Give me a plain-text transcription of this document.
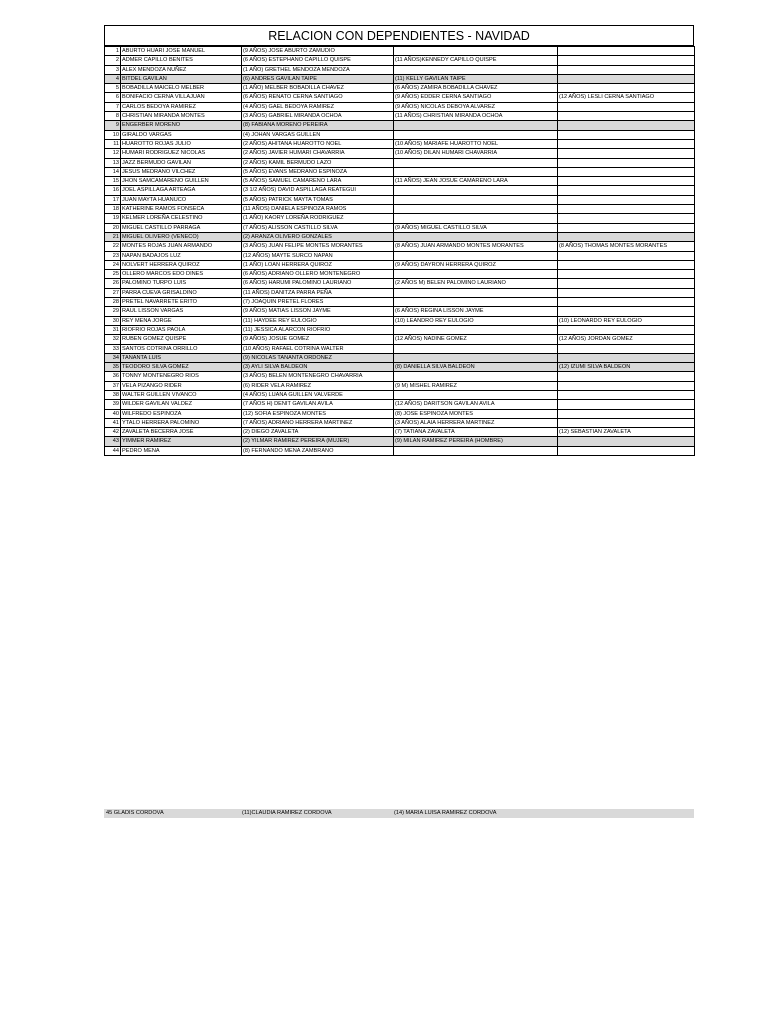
RELACION CON DEPENDIENTES - NAVIDAD
1	ABURTO HUARI JOSE MANUEL	(9 AÑOS) JOSE ABURTO ZAMUDIO		
2	ADMER CAPILLO BENITES	(6 AÑOS) ESTEPHANO CAPILLO QUISPE	(11 AÑOS)KENNEDY CAPILLO QUISPE	
3	ALEX MENDOZA NUÑEZ	(1 AÑO) GRETHEL MENDOZA MENDOZA		
4	BITDEL GAVILAN	(6) ANDRES GAVILAN TAIPE	(11) KELLY GAVILAN TAIPE	
5	BOBADILLA MAICELO MELBER	(1 AÑO) MELBER BOBADILLA CHAVEZ	(6 AÑOS) ZAMIRA BOBADILLA CHAVEZ	
6	BONIFACIO CERNA VILLAJUAN	(6 AÑOS) RENATO CERNA SANTIAGO	(9 AÑOS) EDDER CERNA SANTIAGO	(12 AÑOS) LESLI CERNA SANTIAGO
7	CARLOS BEDOYA RAMIREZ	(4 AÑOS) GAEL BEDOYA RAMIREZ	(9 AÑOS) NICOLAS DEBOYA ALVAREZ	
8	CHRISTIAN MIRANDA MONTES	(3 AÑOS) GABRIEL MIRANDA OCHOA	(11 AÑOS) CHRISTIAN MIRANDA OCHOA	
9	ENGERBER MORENO	(8) FABIANA MORENO PEREIRA		
10	GIRALDO VARGAS	(4) JOHAN VARGAS GUILLEN		
11	HUAROTTO ROJAS JULIO	(2 AÑOS) AHITANA HUAROTTO NOEL	(10 AÑOS) MARIAFE HUAROTTO NOEL	
12	HUMARI RODRIGUEZ NICOLAS	(2 AÑOS) JAVIER HUMARI CHAVARRIA	(10 AÑOS) DILAN HUMARI CHAVARRIA	
13	JAZZ BERMUDO GAVILAN	(2 AÑOS) KAMIL BERMUDO LAZO		
14	JESUS MEDRANO VILCHEZ	(5 AÑOS) EVANS MEDRANO ESPINOZA		
15	JHON SAMCAMARENO GUILLEN	(5 AÑOS) SAMUEL CAMARENO LARA	(11 AÑOS) JEAN JOSUE CAMARENO LARA	
16	JOEL ASPILLAGA ARTEAGA	(3 1/2 AÑOS) DAVID ASPILLAGA REATEGUI		
17	JUAN MAYTA HUANUCO	(5 AÑOS) PATRICK MAYTA TOMAS		
18	KATHERINE RAMOS FONSECA	(11 AÑOS) DANIELA ESPINOZA RAMOS		
19	KELMER LOREÑA CELESTINO	(1 AÑO) KAORY LOREÑA RODRIGUEZ		
20	MIGUEL CASTILLO PARRAGA	(7 AÑOS) ALISSON CASTILLO SILVA	(9 AÑOS) MIGUEL CASTILLO SILVA	
21	MIGUEL OLIVERO (VENECO)	(2) ARANZA OLIVERO GONZALES		
22	MONTES ROJAS JUAN ARMANDO	(3 AÑOS) JUAN FELIPE MONTES MORANTES	(8 AÑOS) JUAN ARMANDO MONTES MORANTES	(8 AÑOS) THOMAS MONTES MORANTES
23	NAPAN BADAJOS LUZ	(12 AÑOS) MAYTE SURCO NAPAN		
24	NOLVERT HERRERA QUIROZ	(1 AÑO) LOAN HERRERA QUIROZ	(9 AÑOS) DAYRON HERRERA QUIROZ	
25	OLLERO MARCOS EDO DINES	(6 AÑOS) ADRIANO OLLERO MONTENEGRO		
26	PALOMINO TURPO LUIS	(6 AÑOS) HARUMI PALOMINO LAURIANO	(2 AÑOS M) BELEN PALOMINO LAURIANO	
27	PARRA CUEVA GRISALDINO	(11 AÑOS) DANITZA PARRA PEÑA		
28	PRETEL NAVARRETE ERITO	(7) JOAQUIN PRETEL FLORES		
29	RAUL LISSON VARGAS	(9 AÑOS) MATIAS LISSON JAYME	(6 AÑOS) REGINA LISSON JAYME	
30	REY MENA JORGE	(11) HAYDEE REY EULOGIO	(10) LEANDRO REY EULOGIO	(10) LEONARDO REY EULOGIO
31	RIOFRIO ROJAS PAOLA	(11) JESSICA ALARCON RIOFRIO		
32	RUBEN GOMEZ QUISPE	(9 AÑOS) JOSUE GOMEZ	(12 AÑOS) NADINE GOMEZ	(12 AÑOS) JORDAN GOMEZ
33	SANTOS COTRINA ORRILLO	(10 AÑOS) RAFAEL COTRINA WALTER		
34	TANANTA LUIS	(9) NICOLAS TANANTA ORDONEZ		
35	TEODORO SILVA GOMEZ	(3) AYLI SILVA BALDEON	(8) DANIELLA SILVA BALDEON	(12) IZUMI SILVA BALDEON
36	TONNY MONTENEGRO RIOS	(3 AÑOS) BELEN MONTENEGRO CHAVARRIA		
37	VELA PIZANGO RIDER	(6) RIDER VELA RAMIREZ	(9 M) MISHEL RAMIREZ	
38	WALTER GUILLEN VIVANCO	(4 AÑOS) LUANA GUILLEN VALVERDE		
39	WILDER GAVILAN VALDEZ	(7 AÑOS H) DENIT GAVILAN AVILA	(12 AÑOS) DARITSON GAVILAN AVILA	
40	WILFREDO ESPINOZA	(12) SOFIA ESPINOZA MONTES	(8) JOSE ESPINOZA MONTES	
41	YTALO HERRERA PALOMINO	(7 AÑOS) ADRIANO HERRERA MARTINEZ	(3 AÑOS) ALAIA HERRERA MARTINEZ	
42	ZAVALETA BECERRA JOSE	(2) DIEGO ZAVALETA	(7) TATIANA ZAVALETA	(12) SEBASTIAN ZAVALETA
43	YIMMER RAMIREZ	(2) YILMAR RAMIREZ PEREIRA (MUJER)	(9) MILAN RAMIREZ PEREIRA (HOMBRE)	
44	PEDRO MENA	(8) FERNANDO MENA ZAMBRANO		
45 GLADIS CORDOVA	(11)CLAUDIA RAMIREZ CORDOVA	(14) MARIA LUISA RAMIREZ CORDOVA
